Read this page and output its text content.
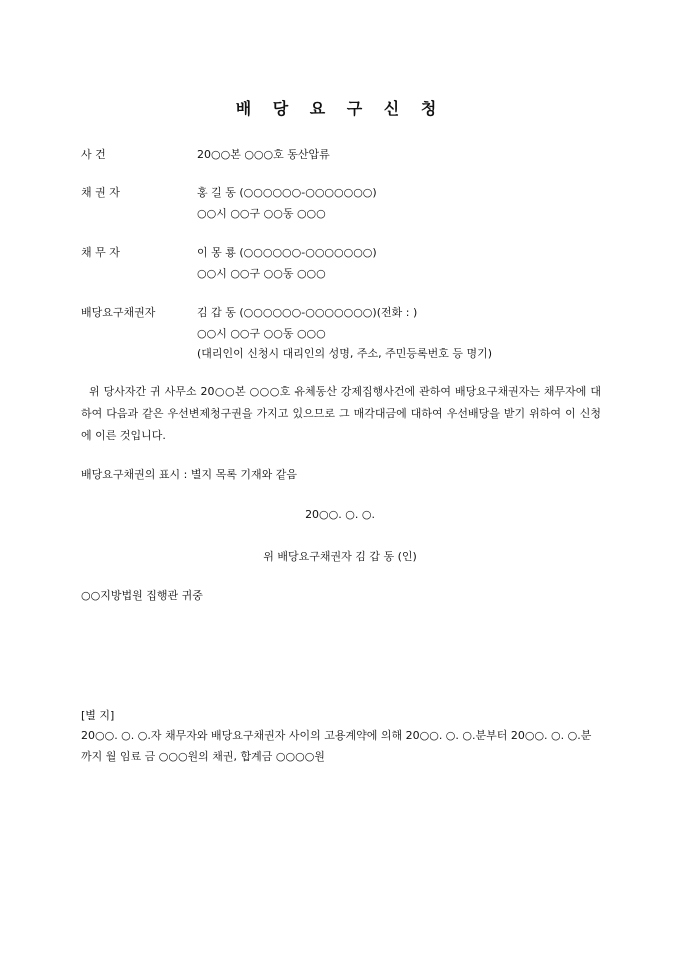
배 당 요 구 신 청
사 건	20○○본 ○○○호 동산압류
채 권 자	홍 길 동 (○○○○○○-○○○○○○○)
○○시 ○○구 ○○동 ○○○
채 무 자	이 몽 룡 (○○○○○○-○○○○○○○)
○○시 ○○구 ○○동 ○○○
배당요구채권자	김 갑 동 (○○○○○○-○○○○○○○)(전화 : )
○○시 ○○구 ○○동 ○○○
(대리인이 신청시 대리인의 성명, 주소, 주민등록번호 등 명기)
위 당사자간 귀 사무소 20○○본 ○○○호 유체동산 강제집행사건에 관하여 배당요구채권자는 채무자에 대하여 다음과 같은 우선변제청구권을 가지고 있으므로 그 매각대금에 대하여 우선배당을 받기 위하여 이 신청에 이른 것입니다.
배당요구채권의 표시 : 별지 목록 기재와 같음
20○○. ○. ○.
위 배당요구채권자 김 갑 동 (인)
○○지방법원 집행관 귀중
[별 지]
20○○. ○. ○.자 채무자와 배당요구채권자 사이의 고용계약에 의해 20○○. ○. ○.분부터 20○○. ○. ○.분까지 월 임료 금 ○○○원의 채권, 합계금 ○○○○원
